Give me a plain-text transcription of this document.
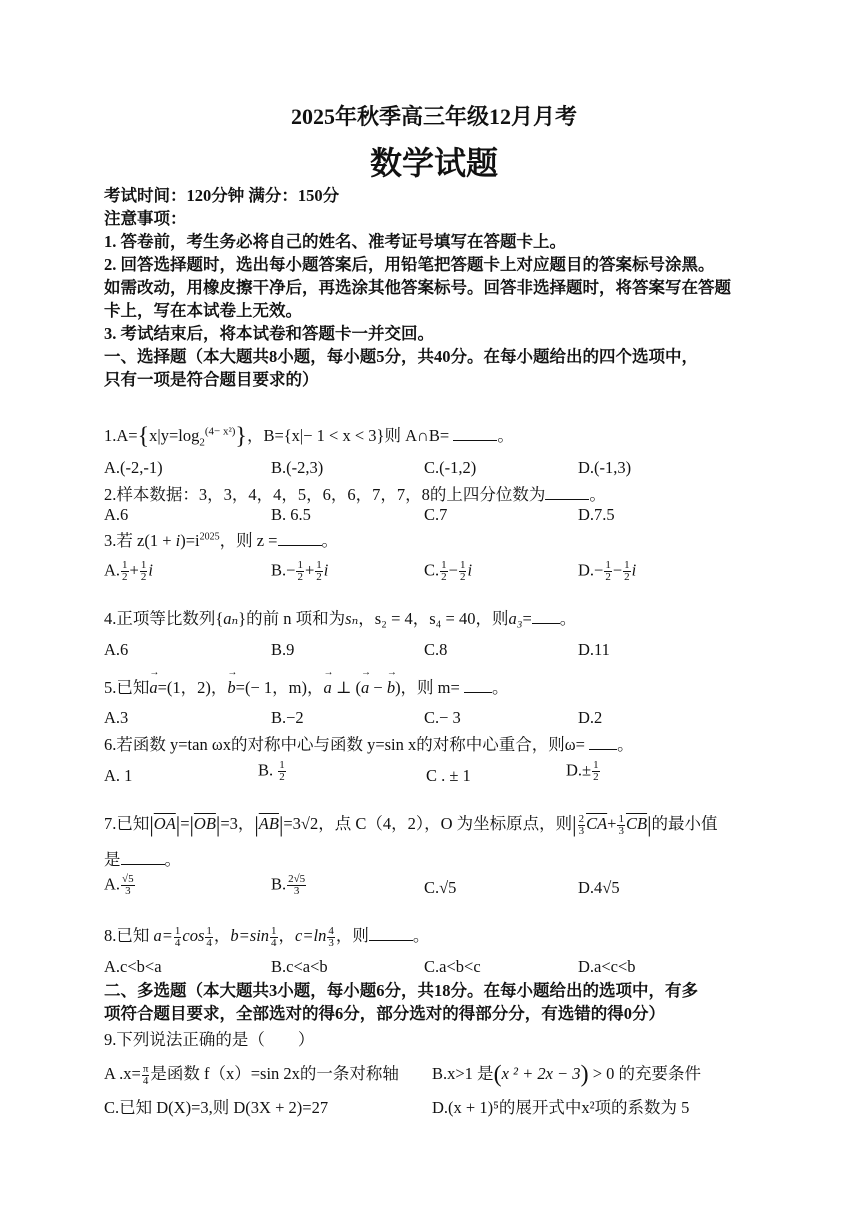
2025年秋季高三年级12月月考
数学试题
考试时间：120分钟 满分：150分
注意事项：
1. 答卷前，考生务必将自己的姓名、准考证号填写在答题卡上。
2. 回答选择题时，选出每小题答案后，用铅笔把答题卡上对应题目的答案标号涂黑。
如需改动，用橡皮擦干净后，再选涂其他答案标号。回答非选择题时，将答案写在答题
卡上，写在本试卷上无效。
3. 考试结束后，将本试卷和答题卡一并交回。
一、选择题（本大题共8小题，每小题5分，共40分。在每小题给出的四个选项中，
只有一项是符合题目要求的）
$1.A=\{x|y=\log_2^{(4- x^2)}\}$，B={x|− 1 < x < 3}则 A∩B=	。
A.(-2,-1)	B.(-2,3)	C.(-1,2)	D.(-1,3)
2.样本数据：3，3，4，4，5，6，6，7，7，8的上四分位数为	。
A.6	B. 6.5	C.7	D.7.5
3.若 $z(1 + i)=i^{2025}$，则 z =	。
A. $\frac{1}{2} + \frac{1}{2}$ i	$B.- \frac{1}{2} + \frac{1}{2}$ i	C. $\frac{1}{2} - \frac{1}{2}$ i	$D.- \frac{1}{2} - \frac{1}{2}$ i
4.正项等比数列{aₙ}的前 n 项和为sₙ，s₂ = 4，s₄ = 40，则a₃= 。
A.6	B.9	C.8	D.11
5.已知→ a=(1，2)，→ b=(− 1，m)，→ a ⊥ (→ a − → b)，则 m= 。
A.3	B.−2	C.− 3	D.2
6.若函数 y=tan ωx的对称中心与函数 y=sin x的对称中心重合，则ω= 。
A. 1	B. $\frac{1}{2}$	C . ± 1	$D.\pm \frac{1}{2}$
7.已知$|\overline{OA}|=|\overline{OB}|=3$，$|\overline{AB}|=3√2$，点 C（4，2），O 为坐标原点，则| $\frac{2}{3} \overline{CA}+ \frac{1}{3} \overline{CB}|$的最小值
是	。
A. $\frac{√5}{3}$	B. $\frac{2√5}{3}$	C.√5	D.4√5
8.已知 $a= \frac{1}{4}$ $\cos \frac{1}{4}$ ，$b=\sin \frac{1}{4}$ ，$c=\ln \frac{4}{3}$ ，则	。
A.c<b<a	B.c<a<b	C.a<b<c	D.a<c<b
二、多选题（本大题共3小题，每小题6分，共18分。在每小题给出的选项中，有多
项符合题目要求，全部选对的得6分，部分选对的得部分分，有选错的得0分）
9.下列说法正确的是（　　）
A $.x= \frac{\pi}{4}$ 是函数 f（x）=sin 2x的一条对称轴 B.x>1 是(x ² + 2x − 3) > 0 的充要条件
C.已知 D(X)=3,则 D(3X + 2)=27	D.(x + 1)⁵的展开式中x²项的系数为 5
